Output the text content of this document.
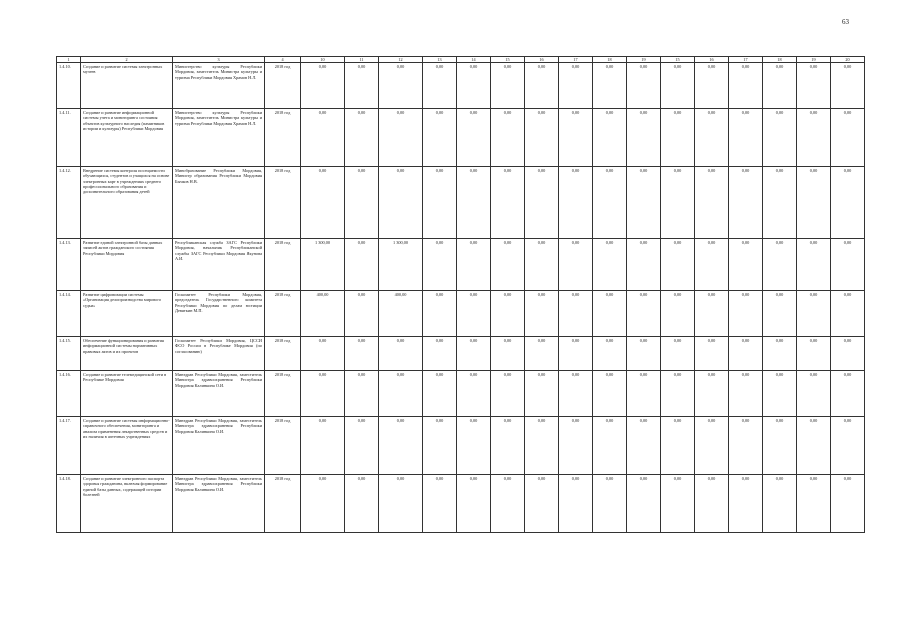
63
1	2	3	4	10	11	12	13	14	15	16	17	18	19	15	16	17	18	19	20
1.4.10.	Создание и развитие системы электронных музеев	Министерство культуры Республики Мордовия, заместитель Министра культуры и туризма Республики Мордовия Храмов Н.Л.	2018 год	0,00	0,00	0,00	0,00	0,00	0,00	0,00	0,00	0,00	0,00	0,00	0,00	0,00	0,00	0,00	0,00
1.4.11.	Создание и развитие информационной системы учета и мониторинга состояния объектов культурного наследия (памятников истории и культуры) Республики Мордовия	Министерство культуры Республики Мордовия, заместитель Министра культуры и туризма Республики Мордовия Храмов Н.Л.	2018 год	0,00	0,00	0,00	0,00	0,00	0,00	0,00	0,00	0,00	0,00	0,00	0,00	0,00	0,00	0,00	0,00
1.4.12.	Внедрение системы контроля посещаемости обучающихся, студентов и учащихся на основе электронных карт в учреждениях среднего профессионального образования и дополнительного образования детей	Минобразование Республики Мордовия, Министр образования Республики Мордовия Бычков Н.В.	2018 год	0,00	0,00	0,00	0,00	0,00	0,00	0,00	0,00	0,00	0,00	0,00	0,00	0,00	0,00	0,00	0,00
1.4.13.	Развитие единой электронной базы данных записей актов гражданского состояния Республики Мордовия	Республиканская служба ЗАГС Республики Мордовия, начальник Республиканской службы ЗАГС Республики Мордовия Якунова А.И.	2018 год	1 300,00	0,00	1 300,00	0,00	0,00	0,00	0,00	0,00	0,00	0,00	0,00	0,00	0,00	0,00	0,00	0,00
1.4.14.	Развитие цифровизации системы «Организация делопроизводства мирового судьи»	Госкомитет Республики Мордовия, председатель Государственного комитета Республики Мордовия по делам юстиции Девяткин М.П.	2018 год	400,00	0,00	400,00	0,00	0,00	0,00	0,00	0,00	0,00	0,00	0,00	0,00	0,00	0,00	0,00	0,00
1.4.15.	Обеспечение функционирования и развития информационной системы нормативных правовых актов и их проектов	Госкомитет Республики Мордовия, ЦССИ ФСО России в Республике Мордовия (по согласованию)	2018 год	0,00	0,00	0,00	0,00	0,00	0,00	0,00	0,00	0,00	0,00	0,00	0,00	0,00	0,00	0,00	0,00
1.4.16.	Создание и развитие телемедицинской сети в Республике Мордовия	Минздрав Республики Мордовия, заместитель Министра здравоохранения Республики Мордовия Калинкина О.И.	2018 год	0,00	0,00	0,00	0,00	0,00	0,00	0,00	0,00	0,00	0,00	0,00	0,00	0,00	0,00	0,00	0,00
1.4.17.	Создание и развитие системы информационно-справочного обеспечения, мониторинга и анализа применения лекарственных средств и их наличия в аптечных учреждениях	Минздрав Республики Мордовия, заместитель Министра здравоохранения Республики Мордовия Калинкина О.И.	2018 год	0,00	0,00	0,00	0,00	0,00	0,00	0,00	0,00	0,00	0,00	0,00	0,00	0,00	0,00	0,00	0,00
1.4.18.	Создание и развитие электронного паспорта здоровья гражданина, включая формирование единой базы данных, содержащей истории болезней	Минздрав Республики Мордовия, заместитель Министра здравоохранения Республики Мордовия Калинкина О.И.	2018 год	0,00	0,00	0,00	0,00	0,00	0,00	0,00	0,00	0,00	0,00	0,00	0,00	0,00	0,00	0,00	0,00
